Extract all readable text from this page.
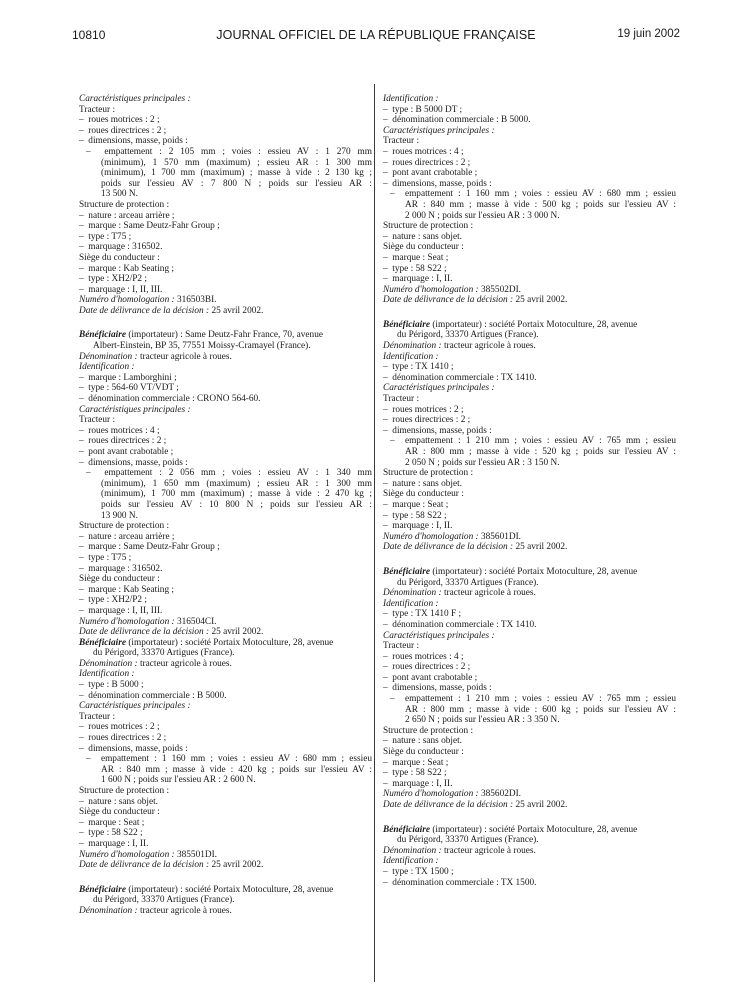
10810	JOURNAL OFFICIEL DE LA RÉPUBLIQUE FRANÇAISE	19 juin 2002
Caractéristiques principales :
Tracteur :
–  roues motrices : 2 ;
–  roues directrices : 2 ;
–  dimensions, masse, poids :
–  empattement : 2 105 mm ; voies : essieu AV : 1 270 mm
(minimum), 1 570 mm (maximum) ; essieu AR : 1 300 mm
(minimum), 1 700 mm (maximum) ; masse à vide : 2 130 kg ;
poids sur l'essieu AV : 7 800 N ; poids sur l'essieu AR :
13 500 N.
Structure de protection :
–  nature : arceau arrière ;
–  marque : Same Deutz-Fahr Group ;
–  type : T75 ;
–  marquage : 316502.
Siège du conducteur :
–  marque : Kab Seating ;
–  type : XH2/P2 ;
–  marquage : I, II, III.
Numéro d'homologation : 316503BI.
Date de délivrance de la décision : 25 avril 2002.
Bénéficiaire (importateur) : Same Deutz-Fahr France, 70, avenue
Albert-Einstein, BP 35, 77551 Moissy-Cramayel (France).
Dénomination : tracteur agricole à roues.
Identification :
–  marque : Lamborghini ;
–  type : 564-60 VT/VDT ;
–  dénomination commerciale : CRONO 564-60.
Caractéristiques principales :
Tracteur :
–  roues motrices : 4 ;
–  roues directrices : 2 ;
–  pont avant crabotable ;
–  dimensions, masse, poids :
–  empattement : 2 056 mm ; voies : essieu AV : 1 340 mm
(minimum), 1 650 mm (maximum) ; essieu AR : 1 300 mm
(minimum), 1 700 mm (maximum) ; masse à vide : 2 470 kg ;
poids sur l'essieu AV : 10 800 N ; poids sur l'essieu AR :
13 900 N.
Structure de protection :
–  nature : arceau arrière ;
–  marque : Same Deutz-Fahr Group ;
–  type : T75 ;
–  marquage : 316502.
Siège du conducteur :
–  marque : Kab Seating ;
–  type : XH2/P2 ;
–  marquage : I, II, III.
Numéro d'homologation : 316504CI.
Date de délivrance de la décision : 25 avril 2002.
Bénéficiaire (importateur) : société Portaix Motoculture, 28, avenue
du Périgord, 33370 Artigues (France).
Dénomination : tracteur agricole à roues.
Identification :
–  type : B 5000 ;
–  dénomination commerciale : B 5000.
Caractéristiques principales :
Tracteur :
–  roues motrices : 2 ;
–  roues directrices : 2 ;
–  dimensions, masse, poids :
–  empattement : 1 160 mm ; voies : essieu AV : 680 mm ; essieu
AR : 840 mm ; masse à vide : 420 kg ; poids sur l'essieu AV :
1 600 N ; poids sur l'essieu AR : 2 600 N.
Structure de protection :
–  nature : sans objet.
Siège du conducteur :
–  marque : Seat ;
–  type : 58 S22 ;
–  marquage : I, II.
Numéro d'homologation : 385501DI.
Date de délivrance de la décision : 25 avril 2002.
Bénéficiaire (importateur) : société Portaix Motoculture, 28, avenue
du Périgord, 33370 Artigues (France).
Dénomination : tracteur agricole à roues.
Identification :
–  type : B 5000 DT ;
–  dénomination commerciale : B 5000.
Caractéristiques principales :
Tracteur :
–  roues motrices : 4 ;
–  roues directrices : 2 ;
–  pont avant crabotable ;
–  dimensions, masse, poids :
–  empattement : 1 160 mm ; voies : essieu AV : 680 mm ; essieu
AR : 840 mm ; masse à vide : 500 kg ; poids sur l'essieu AV :
2 000 N ; poids sur l'essieu AR : 3 000 N.
Structure de protection :
–  nature : sans objet.
Siège du conducteur :
–  marque : Seat ;
–  type : 58 S22 ;
–  marquage : I, II.
Numéro d'homologation : 385502DI.
Date de délivrance de la décision : 25 avril 2002.
Bénéficiaire (importateur) : société Portaix Motoculture, 28, avenue
du Périgord, 33370 Artigues (France).
Dénomination : tracteur agricole à roues.
Identification :
–  type : TX 1410 ;
–  dénomination commerciale : TX 1410.
Caractéristiques principales :
Tracteur :
–  roues motrices : 2 ;
–  roues directrices : 2 ;
–  dimensions, masse, poids :
–  empattement : 1 210 mm ; voies : essieu AV : 765 mm ; essieu
AR : 800 mm ; masse à vide : 520 kg ; poids sur l'essieu AV :
2 050 N ; poids sur l'essieu AR : 3 150 N.
Structure de protection :
–  nature : sans objet.
Siège du conducteur :
–  marque : Seat ;
–  type : 58 S22 ;
–  marquage : I, II.
Numéro d'homologation : 385601DI.
Date de délivrance de la décision : 25 avril 2002.
Bénéficiaire (importateur) : société Portaix Motoculture, 28, avenue
du Périgord, 33370 Artigues (France).
Dénomination : tracteur agricole à roues.
Identification :
–  type : TX 1410 F ;
–  dénomination commerciale : TX 1410.
Caractéristiques principales :
Tracteur :
–  roues motrices : 4 ;
–  roues directrices : 2 ;
–  pont avant crabotable ;
–  dimensions, masse, poids :
–  empattement : 1 210 mm ; voies : essieu AV : 765 mm ; essieu
AR : 800 mm ; masse à vide : 600 kg ; poids sur l'essieu AV :
2 650 N ; poids sur l'essieu AR : 3 350 N.
Structure de protection :
–  nature : sans objet.
Siège du conducteur :
–  marque : Seat ;
–  type : 58 S22 ;
–  marquage : I, II.
Numéro d'homologation : 385602DI.
Date de délivrance de la décision : 25 avril 2002.
Bénéficiaire (importateur) : société Portaix Motoculture, 28, avenue
du Périgord, 33370 Artigues (France).
Dénomination : tracteur agricole à roues.
Identification :
–  type : TX 1500 ;
–  dénomination commerciale : TX 1500.
